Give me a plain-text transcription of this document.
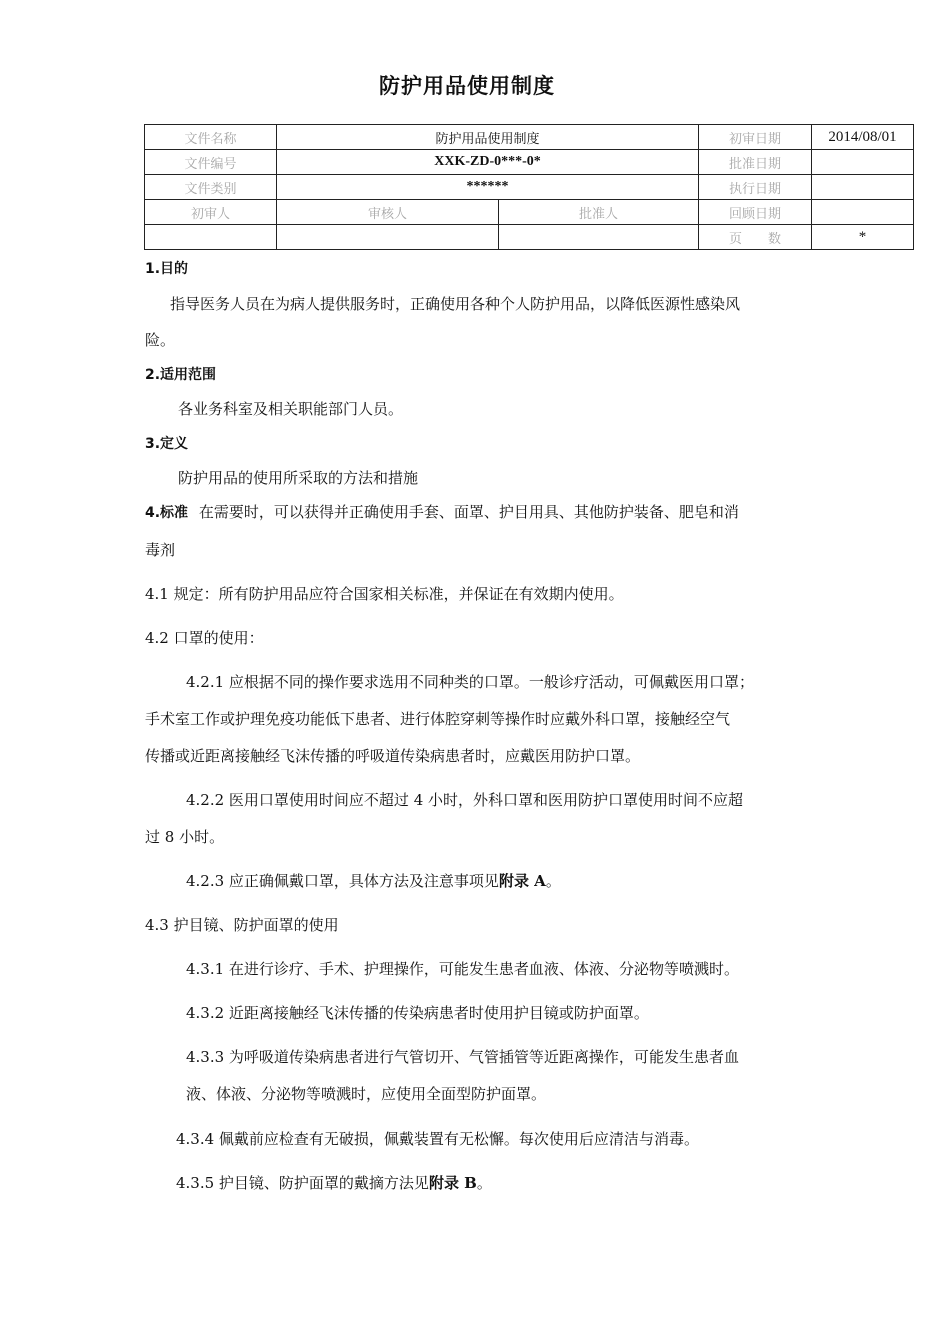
防护用品使用制度
文件名称	防护用品使用制度		初审日期	2014/08/01
文件编号	XXK-ZD-0***-0*		批准日期	
文件类别	******		执行日期	
初审人	审核人	批准人	回顾日期	
			页　　数	*
1.目的
指导医务人员在为病人提供服务时，正确使用各种个人防护用品，以降低医源性感染风
险。
2.适用范围
各业务科室及相关职能部门人员。
3.定义
防护用品的使用所采取的方法和措施
4.标准 在需要时，可以获得并正确使用手套、面罩、护目用具、其他防护装备、肥皂和消
毒剂
4.1 规定：所有防护用品应符合国家相关标准，并保证在有效期内使用。
4.2 口罩的使用：
4.2.1 应根据不同的操作要求选用不同种类的口罩。一般诊疗活动，可佩戴医用口罩；
手术室工作或护理免疫功能低下患者、进行体腔穿刺等操作时应戴外科口罩，接触经空气
传播或近距离接触经飞沫传播的呼吸道传染病患者时，应戴医用防护口罩。
4.2.2 医用口罩使用时间应不超过 4 小时，外科口罩和医用防护口罩使用时间不应超
过 8 小时。
4.2.3 应正确佩戴口罩，具体方法及注意事项见附录 A。
4.3 护目镜、防护面罩的使用
4.3.1 在进行诊疗、手术、护理操作，可能发生患者血液、体液、分泌物等喷溅时。
4.3.2 近距离接触经飞沫传播的传染病患者时使用护目镜或防护面罩。
4.3.3 为呼吸道传染病患者进行气管切开、气管插管等近距离操作，可能发生患者血
液、体液、分泌物等喷溅时，应使用全面型防护面罩。
4.3.4 佩戴前应检查有无破损，佩戴装置有无松懈。每次使用后应清洁与消毒。
4.3.5 护目镜、防护面罩的戴摘方法见附录 B。
